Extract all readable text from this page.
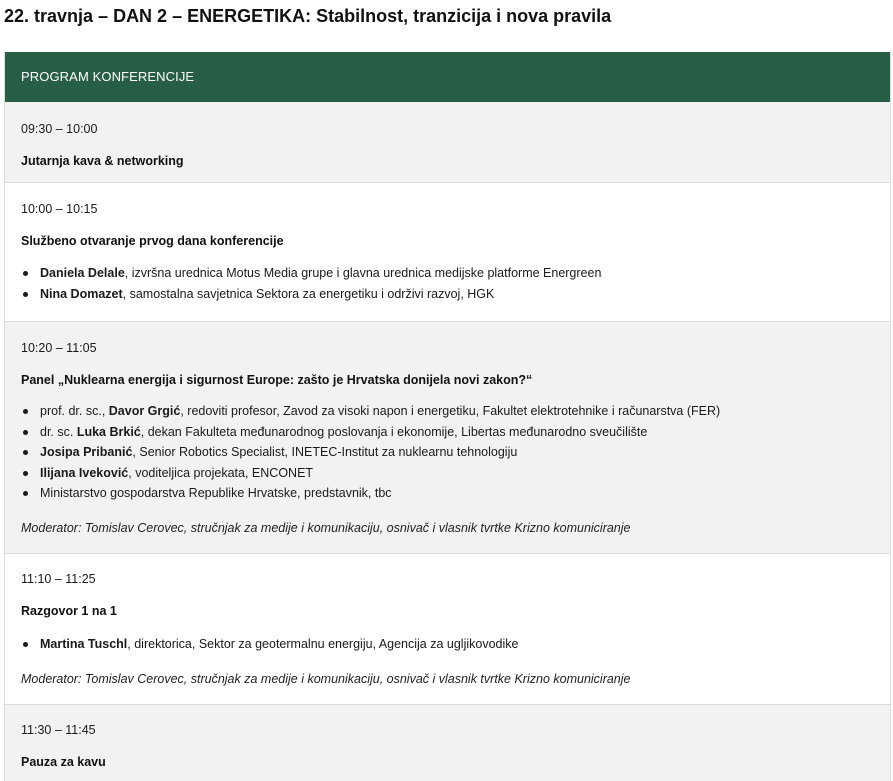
22. travnja – DAN 2 – ENERGETIKA: Stabilnost, tranzicija i nova pravila
PROGRAM KONFERENCIJE
09:30 – 10:00
Jutarnja kava & networking
10:00 – 10:15
Službeno otvaranje prvog dana konferencije
Daniela Delale, izvršna urednica Motus Media grupe i glavna urednica medijske platforme Energreen
Nina Domazet, samostalna savjetnica Sektora za energetiku i održivi razvoj, HGK
10:20 – 11:05
Panel „Nuklearna energija i sigurnost Europe: zašto je Hrvatska donijela novi zakon?“
prof. dr. sc., Davor Grgić, redoviti profesor, Zavod za visoki napon i energetiku, Fakultet elektrotehnike i računarstva (FER)
dr. sc. Luka Brkić, dekan Fakulteta međunarodnog poslovanja i ekonomije, Libertas međunarodno sveučilište
Josipa Pribanić, Senior Robotics Specialist, INETEC-Institut za nuklearnu tehnologiju
Ilijana Iveković, voditeljica projekata, ENCONET
Ministarstvo gospodarstva Republike Hrvatske, predstavnik, tbc
Moderator: Tomislav Cerovec, stručnjak za medije i komunikaciju, osnivač i vlasnik tvrtke Krizno komuniciranje
11:10 – 11:25
Razgovor 1 na 1
Martina Tuschl, direktorica, Sektor za geotermalnu energiju, Agencija za ugljikovodike
Moderator: Tomislav Cerovec, stručnjak za medije i komunikaciju, osnivač i vlasnik tvrtke Krizno komuniciranje
11:30 – 11:45
Pauza za kavu
